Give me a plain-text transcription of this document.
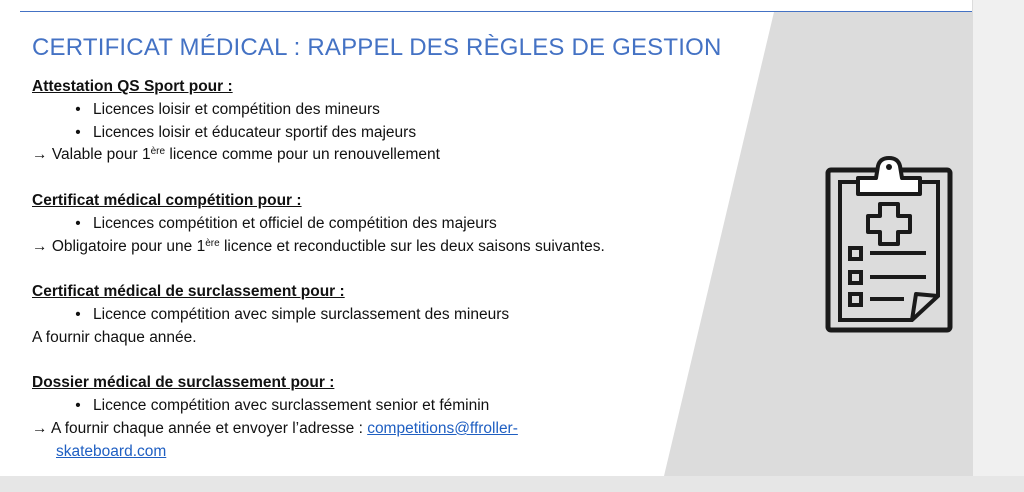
CERTIFICAT MÉDICAL : RAPPEL DES RÈGLES DE GESTION
Attestation QS Sport pour :
• Licences loisir et compétition des mineurs
• Licences loisir et éducateur sportif des majeurs
→ Valable pour 1ère licence comme pour un renouvellement
Certificat médical compétition pour :
• Licences compétition et officiel de compétition des majeurs
→ Obligatoire pour une 1ère licence et reconductible sur les deux saisons suivantes.
Certificat médical de surclassement pour :
• Licence compétition avec simple surclassement des mineurs
A fournir chaque année.
Dossier médical de surclassement pour :
• Licence compétition avec surclassement senior et féminin
→ A fournir chaque année et envoyer l’adresse : competitions@ffroller-
skateboard.com
